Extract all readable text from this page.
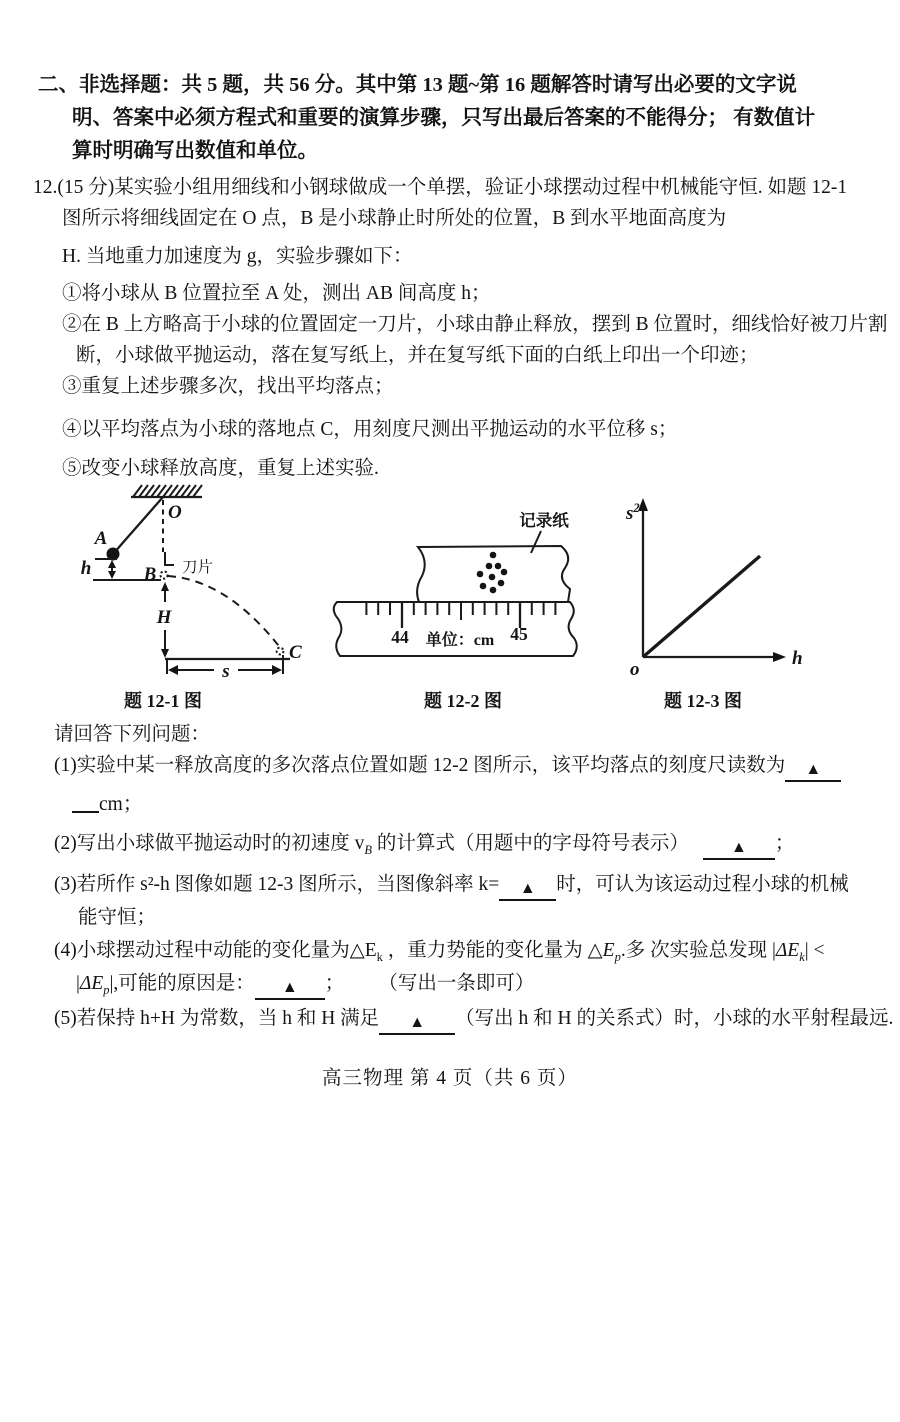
二、非选择题：共 5 题，共 56 分。其中第 13 题~第 16 题解答时请写出必要的文字说
明、答案中必须方程式和重要的演算步骤，只写出最后答案的不能得分； 有数值计
算时明确写出数值和单位。
12.(15 分)某实验小组用细线和小钢球做成一个单摆，验证小球摆动过程中机械能守恒. 如题 12-1
图所示将细线固定在 O 点，B 是小球静止时所处的位置，B 到水平地面高度为
H. 当地重力加速度为 g，实验步骤如下：
①将小球从 B 位置拉至 A 处，测出 AB 间高度 h；
②在 B 上方略高于小球的位置固定一刀片，小球由静止释放，摆到 B 位置时，细线恰好被刀片割
断，小球做平抛运动，落在复写纸上，并在复写纸下面的白纸上印出一个印迹；
③重复上述步骤多次，找出平均落点；
④以平均落点为小球的落地点 C，用刻度尺测出平抛运动的水平位移 s；
⑤改变小球释放高度，重复上述实验.
O
A
刀片
B
h
H
s
C
记录纸
44	45
单位：cm
$s^2$
h
o
题 12-1 图	题 12-2 图	题 12-3 图
请回答下列问题：
(1)实验中某一释放高度的多次落点位置如题 12-2 图所示，该平均落点的刻度尺读数为 ▲
cm；
(2)写出小球做平抛运动时的初速度 $v_B$ 的计算式（用题中的字母符号表示）	▲ ；
(3)若所作 s²-h 图像如题 12-3 图所示，当图像斜率 k= ▲ 时，可认为该运动过程小球的机械
能守恒；
(4)小球摆动过程中动能的变化量为$\triangle E_k$ ，重力势能的变化量为 $\triangle E_p$.多 次实验总发现 $|\Delta E_k|$ <
$|\Delta E_p|$,可能的原因是： ▲ ； （写出一条即可）
(5)若保持 h+H 为常数，当 h 和 H 满足 ▲ （写出 h 和 H 的关系式）时，小球的水平射程最远.
高三物理 第 4 页（共 6 页）
